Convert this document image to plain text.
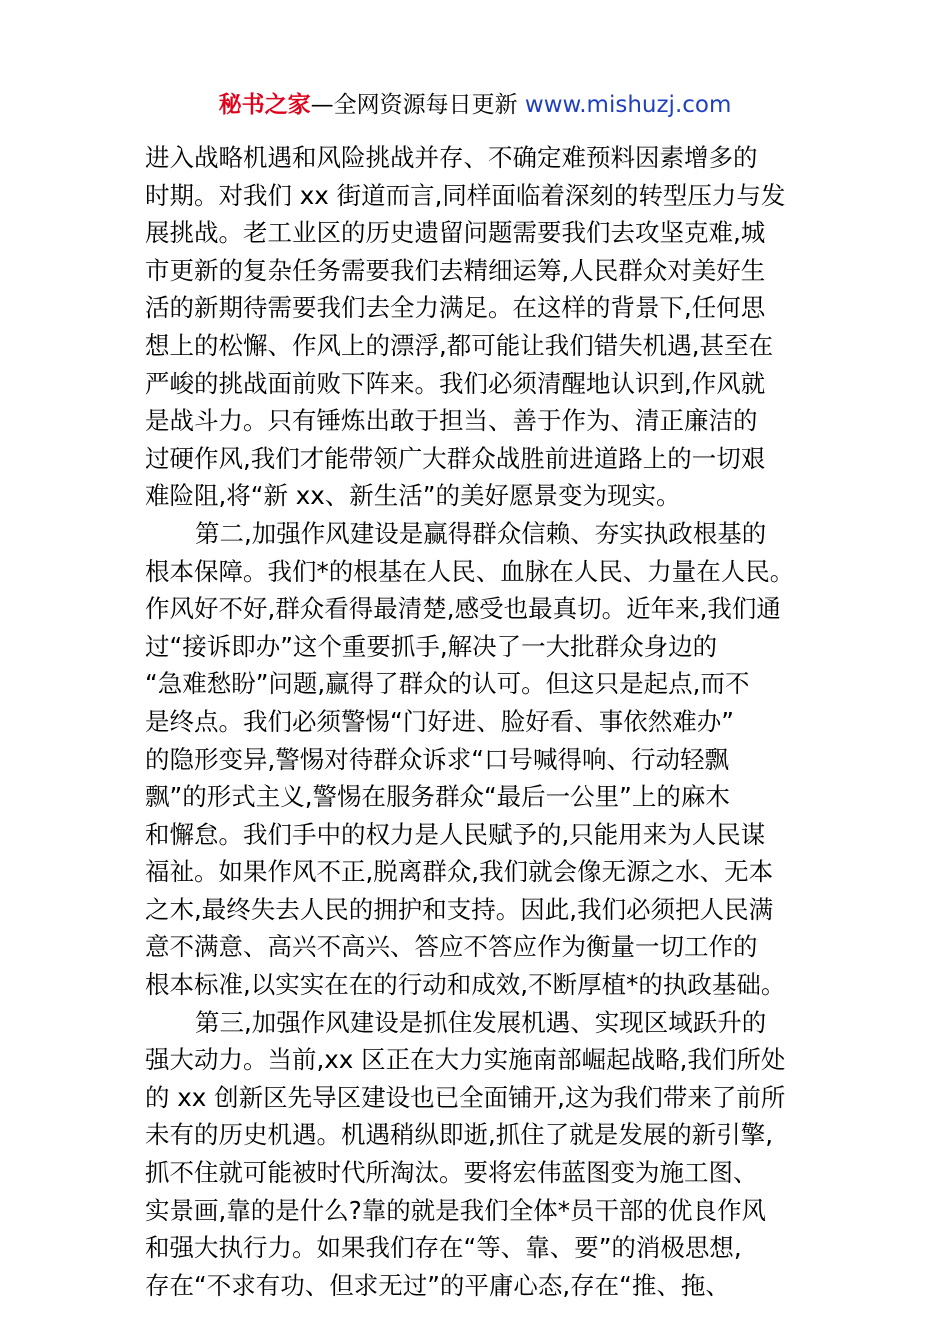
秘书之家—全网资源每日更新 www.mishuzj.com
进入战略机遇和风险挑战并存、不确定难预料因素增多的
时期。对我们 xx 街道而言,同样面临着深刻的转型压力与发
展挑战。老工业区的历史遗留问题需要我们去攻坚克难,城
市更新的复杂任务需要我们去精细运筹,人民群众对美好生
活的新期待需要我们去全力满足。在这样的背景下,任何思
想上的松懈、作风上的漂浮,都可能让我们错失机遇,甚至在
严峻的挑战面前败下阵来。我们必须清醒地认识到,作风就
是战斗力。只有锤炼出敢于担当、善于作为、清正廉洁的
过硬作风,我们才能带领广大群众战胜前进道路上的一切艰
难险阻,将“新 xx、新生活”的美好愿景变为现实。
第二,加强作风建设是赢得群众信赖、夯实执政根基的
根本保障。我们*的根基在人民、血脉在人民、力量在人民。
作风好不好,群众看得最清楚,感受也最真切。近年来,我们通
过“接诉即办”这个重要抓手,解决了一大批群众身边的
“急难愁盼”问题,赢得了群众的认可。但这只是起点,而不
是终点。我们必须警惕“门好进、脸好看、事依然难办”
的隐形变异,警惕对待群众诉求“口号喊得响、行动轻飘
飘”的形式主义,警惕在服务群众“最后一公里”上的麻木
和懈怠。我们手中的权力是人民赋予的,只能用来为人民谋
福祉。如果作风不正,脱离群众,我们就会像无源之水、无本
之木,最终失去人民的拥护和支持。因此,我们必须把人民满
意不满意、高兴不高兴、答应不答应作为衡量一切工作的
根本标准,以实实在在的行动和成效,不断厚植*的执政基础。
第三,加强作风建设是抓住发展机遇、实现区域跃升的
强大动力。当前,xx 区正在大力实施南部崛起战略,我们所处
的 xx 创新区先导区建设也已全面铺开,这为我们带来了前所
未有的历史机遇。机遇稍纵即逝,抓住了就是发展的新引擎,
抓不住就可能被时代所淘汰。要将宏伟蓝图变为施工图、
实景画,靠的是什么?靠的就是我们全体*员干部的优良作风
和强大执行力。如果我们存在“等、靠、要”的消极思想,
存在“不求有功、但求无过”的平庸心态,存在“推、拖、
